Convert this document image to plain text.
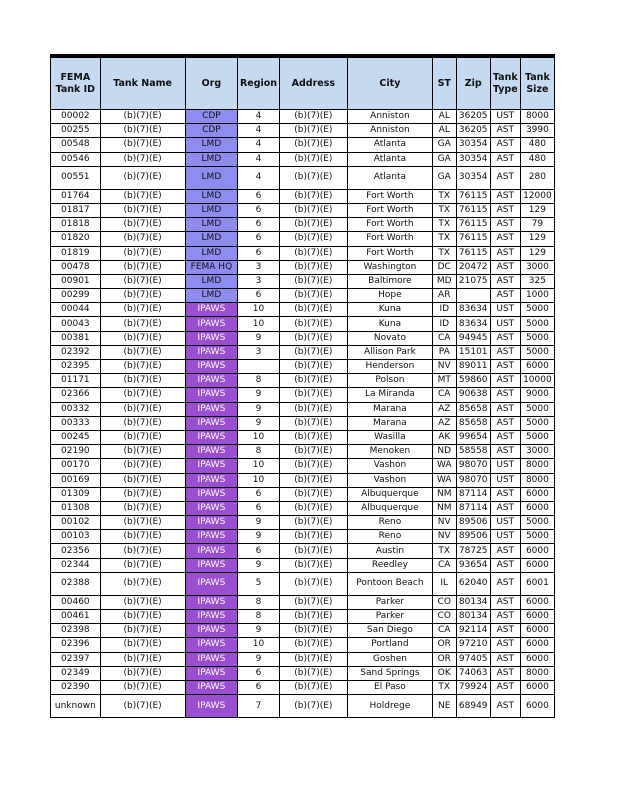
FEMA Tank ID	Tank Name	Org	Region	Address	City	ST	Zip	Tank Type	Tank Size
00002	(b)(7)(E)	CDP	4	(b)(7)(E)	Anniston	AL	36205	UST	8000
00255	(b)(7)(E)	CDP	4	(b)(7)(E)	Anniston	AL	36205	AST	3990
00548	(b)(7)(E)	LMD	4	(b)(7)(E)	Atlanta	GA	30354	AST	480
00546	(b)(7)(E)	LMD	4	(b)(7)(E)	Atlanta	GA	30354	AST	480
00551	(b)(7)(E)	LMD	4	(b)(7)(E)	Atlanta	GA	30354	AST	280
01764	(b)(7)(E)	LMD	6	(b)(7)(E)	Fort Worth	TX	76115	AST	12000
01817	(b)(7)(E)	LMD	6	(b)(7)(E)	Fort Worth	TX	76115	AST	129
01818	(b)(7)(E)	LMD	6	(b)(7)(E)	Fort Worth	TX	76115	AST	79
01820	(b)(7)(E)	LMD	6	(b)(7)(E)	Fort Worth	TX	76115	AST	129
01819	(b)(7)(E)	LMD	6	(b)(7)(E)	Fort Worth	TX	76115	AST	129
00478	(b)(7)(E)	FEMA HQ	3	(b)(7)(E)	Washington	DC	20472	AST	3000
00901	(b)(7)(E)	LMD	3	(b)(7)(E)	Baltimore	MD	21075	AST	325
00299	(b)(7)(E)	LMD	6	(b)(7)(E)	Hope	AR		AST	1000
00044	(b)(7)(E)	IPAWS	10	(b)(7)(E)	Kuna	ID	83634	UST	5000
00043	(b)(7)(E)	IPAWS	10	(b)(7)(E)	Kuna	ID	83634	UST	5000
00381	(b)(7)(E)	IPAWS	9	(b)(7)(E)	Novato	CA	94945	AST	5000
02392	(b)(7)(E)	IPAWS	3	(b)(7)(E)	Allison Park	PA	15101	AST	5000
02395	(b)(7)(E)	IPAWS		(b)(7)(E)	Henderson	NV	89011	AST	6000
01171	(b)(7)(E)	IPAWS	8	(b)(7)(E)	Polson	MT	59860	AST	10000
02366	(b)(7)(E)	IPAWS	9	(b)(7)(E)	La Miranda	CA	90638	AST	9000
00332	(b)(7)(E)	IPAWS	9	(b)(7)(E)	Marana	AZ	85658	AST	5000
00333	(b)(7)(E)	IPAWS	9	(b)(7)(E)	Marana	AZ	85658	AST	5000
00245	(b)(7)(E)	IPAWS	10	(b)(7)(E)	Wasilla	AK	99654	AST	5000
02190	(b)(7)(E)	IPAWS	8	(b)(7)(E)	Menoken	ND	58558	AST	3000
00170	(b)(7)(E)	IPAWS	10	(b)(7)(E)	Vashon	WA	98070	UST	8000
00169	(b)(7)(E)	IPAWS	10	(b)(7)(E)	Vashon	WA	98070	UST	8000
01309	(b)(7)(E)	IPAWS	6	(b)(7)(E)	Albuquerque	NM	87114	AST	6000
01308	(b)(7)(E)	IPAWS	6	(b)(7)(E)	Albuquerque	NM	87114	AST	6000
00102	(b)(7)(E)	IPAWS	9	(b)(7)(E)	Reno	NV	89506	UST	5000
00103	(b)(7)(E)	IPAWS	9	(b)(7)(E)	Reno	NV	89506	UST	5000
02356	(b)(7)(E)	IPAWS	6	(b)(7)(E)	Austin	TX	78725	AST	6000
02344	(b)(7)(E)	IPAWS	9	(b)(7)(E)	Reedley	CA	93654	AST	6000
02388	(b)(7)(E)	IPAWS	5	(b)(7)(E)	Pontoon Beach	IL	62040	AST	6001
00460	(b)(7)(E)	IPAWS	8	(b)(7)(E)	Parker	CO	80134	AST	6000
00461	(b)(7)(E)	IPAWS	8	(b)(7)(E)	Parker	CO	80134	AST	6000
02398	(b)(7)(E)	IPAWS	9	(b)(7)(E)	San Diego	CA	92114	AST	6000
02396	(b)(7)(E)	IPAWS	10	(b)(7)(E)	Portland	OR	97210	AST	6000
02397	(b)(7)(E)	IPAWS	9	(b)(7)(E)	Goshen	OR	97405	AST	6000
02349	(b)(7)(E)	IPAWS	6	(b)(7)(E)	Sand Springs	OK	74063	AST	8000
02390	(b)(7)(E)	IPAWS	6	(b)(7)(E)	El Paso	TX	79924	AST	6000
unknown	(b)(7)(E)	IPAWS	7	(b)(7)(E)	Holdrege	NE	68949	AST	6000
